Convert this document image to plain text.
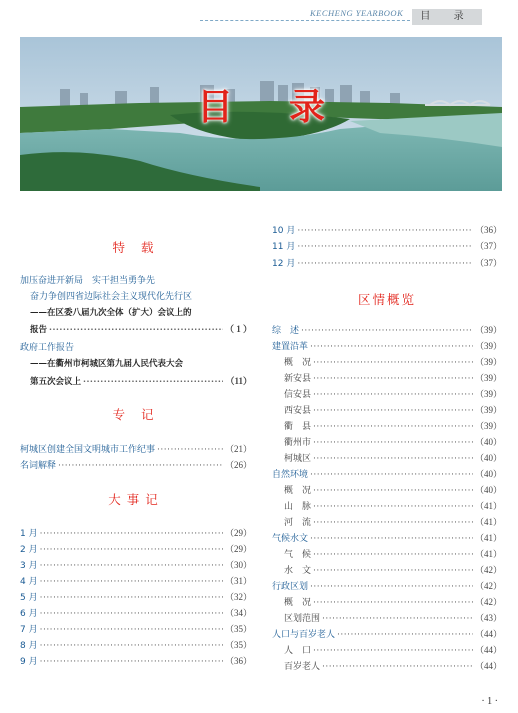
KECHENG YEARBOOK	目 录
目 录
特 载
加压奋进开新局　实干担当勇争先
奋力争创四省边际社会主义现代化先行区
——在区委八届九次全体（扩大）会议上的
报告 ·····	（ 1 ）
政府工作报告
——在衢州市柯城区第九届人民代表大会
第五次会议上 ·····	（11）
专 记
柯城区创建全国文明城市工作纪事 ·····	（21）
名词解释 ·····	（26）
大事记
1 月 ·····	（29）
2 月 ·····	（29）
3 月 ·····	（30）
4 月 ·····	（31）
5 月 ·····	（32）
6 月 ·····	（34）
7 月 ·····	（35）
8 月 ·····	（35）
9 月 ·····	（36）
10 月 ·····	（36）
11 月 ·····	（37）
12 月 ·····	（37）
区情概览
综　述 ·····	（39）
建置沿革 ·····	（39）
概　况 ·····	（39）
新安县 ·····	（39）
信安县 ·····	（39）
西安县 ·····	（39）
衢　县 ·····	（39）
衢州市 ·····	（40）
柯城区 ·····	（40）
自然环境 ·····	（40）
概　况 ·····	（40）
山　脉 ·····	（41）
河　流 ·····	（41）
气候水文 ·····	（41）
气　候 ·····	（41）
水　文 ·····	（42）
行政区划 ·····	（42）
概　况 ·····	（42）
区划范围 ·····	（43）
人口与百岁老人 ·····	（44）
人　口 ·····	（44）
百岁老人 ·····	（44）
· 1 ·
